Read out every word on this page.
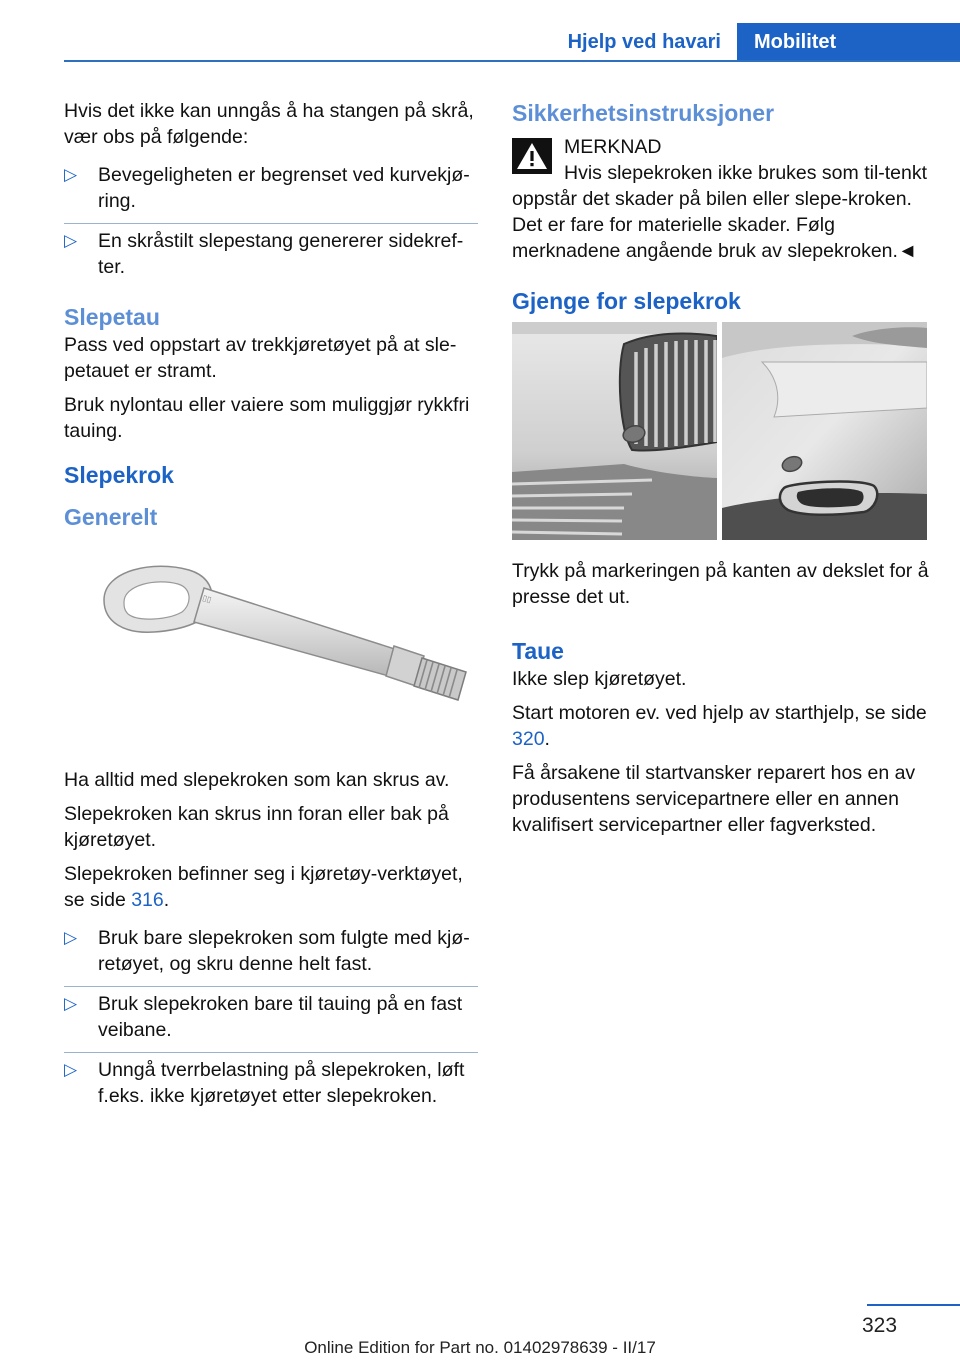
Hjelp ved havari	Mobilitet

Hvis det ikke kan unngås å ha stangen på skrå, vær obs på følgende:

▷ Bevegeligheten er begrenset ved kurvekjø-ring.
▷ En skråstilt slepestang genererer sidekref-ter.
Slepetau

Pass ved oppstart av trekkjøretøyet på at sle-petauet er stramt.

Bruk nylontau eller vaiere som muliggjør rykkfri tauing.

Slepekrok
Generelt
▯▯

Ha alltid med slepekroken som kan skrus av.

Slepekroken kan skrus inn foran eller bak på kjøretøyet.

Slepekroken befinner seg i kjøretøy-verktøyet, se side 316.

▷ Bruk bare slepekroken som fulgte med kjø-retøyet, og skru denne helt fast.
▷ Bruk slepekroken bare til tauing på en fast veibane.
▷ Unngå tverrbelastning på slepekroken, løft f.eks. ikke kjøretøyet etter slepekroken.
Sikkerhetsinstruksjoner

MERKNAD

Hvis slepekroken ikke brukes som til-tenkt oppstår det skader på bilen eller slepe-kroken. Det er fare for materielle skader. Følg merknadene angående bruk av slepekroken.◄

Gjenge for slepekrok

Trykk på markeringen på kanten av dekslet for å presse det ut.

Taue

Ikke slep kjøretøyet.

Start motoren ev. ved hjelp av starthjelp, se side 320.

Få årsakene til startvansker reparert hos en av produsentens servicepartnere eller en annen kvalifisert servicepartner eller fagverksted.

323
Online Edition for Part no. 01402978639 - II/17
